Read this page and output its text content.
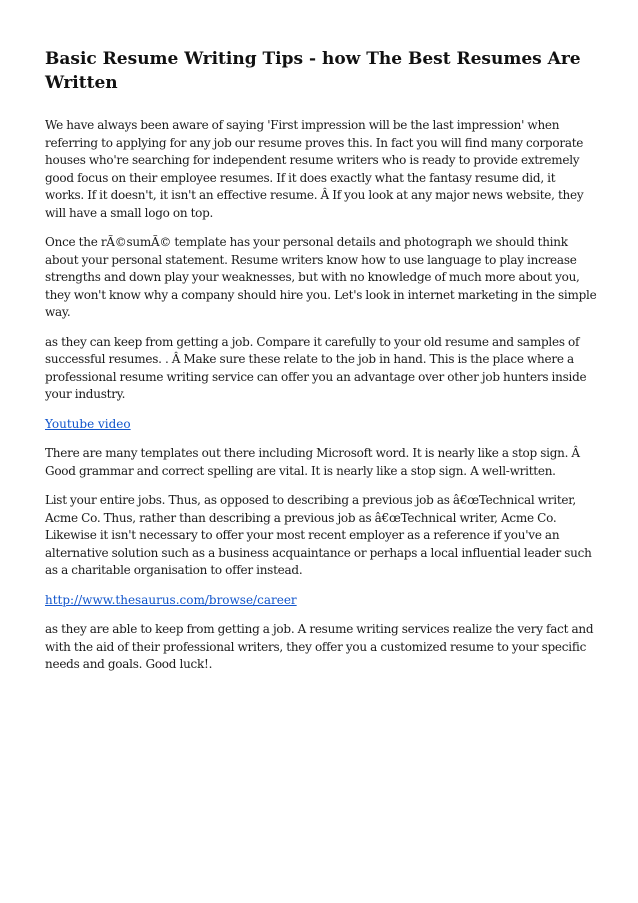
Basic Resume Writing Tips - how The Best Resumes Are Written

We have always been aware of saying 'First impression will be the last impression' when referring to applying for any job our resume proves this. In fact you will find many corporate houses who're searching for independent resume writers who is ready to provide extremely good focus on their employee resumes. If it does exactly what the fantasy resume did, it works. If it doesn't, it isn't an effective resume. Â If you look at any major news website, they will have a small logo on top.

Once the rÃ©sumÃ© template has your personal details and photograph we should think about your personal statement. Resume writers know how to use language to play increase strengths and down play your weaknesses, but with no knowledge of much more about you, they won't know why a company should hire you. Let's look in internet marketing in the simple way.

as they can keep from getting a job. Compare it carefully to your old resume and samples of successful resumes. . Â Make sure these relate to the job in hand. This is the place where a professional resume writing service can offer you an advantage over other job hunters inside your industry.

Youtube video

There are many templates out there including Microsoft word. It is nearly like a stop sign. Â Good grammar and correct spelling are vital. It is nearly like a stop sign. A well-written.

List your entire jobs. Thus, as opposed to describing a previous job as â€œTechnical writer, Acme Co. Thus, rather than describing a previous job as â€œTechnical writer, Acme Co. Likewise it isn't necessary to offer your most recent employer as a reference if you've an alternative solution such as a business acquaintance or perhaps a local influential leader such as a charitable organisation to offer instead.

http://www.thesaurus.com/browse/career

as they are able to keep from getting a job. A resume writing services realize the very fact and with the aid of their professional writers, they offer you a customized resume to your specific needs and goals. Good luck!.
